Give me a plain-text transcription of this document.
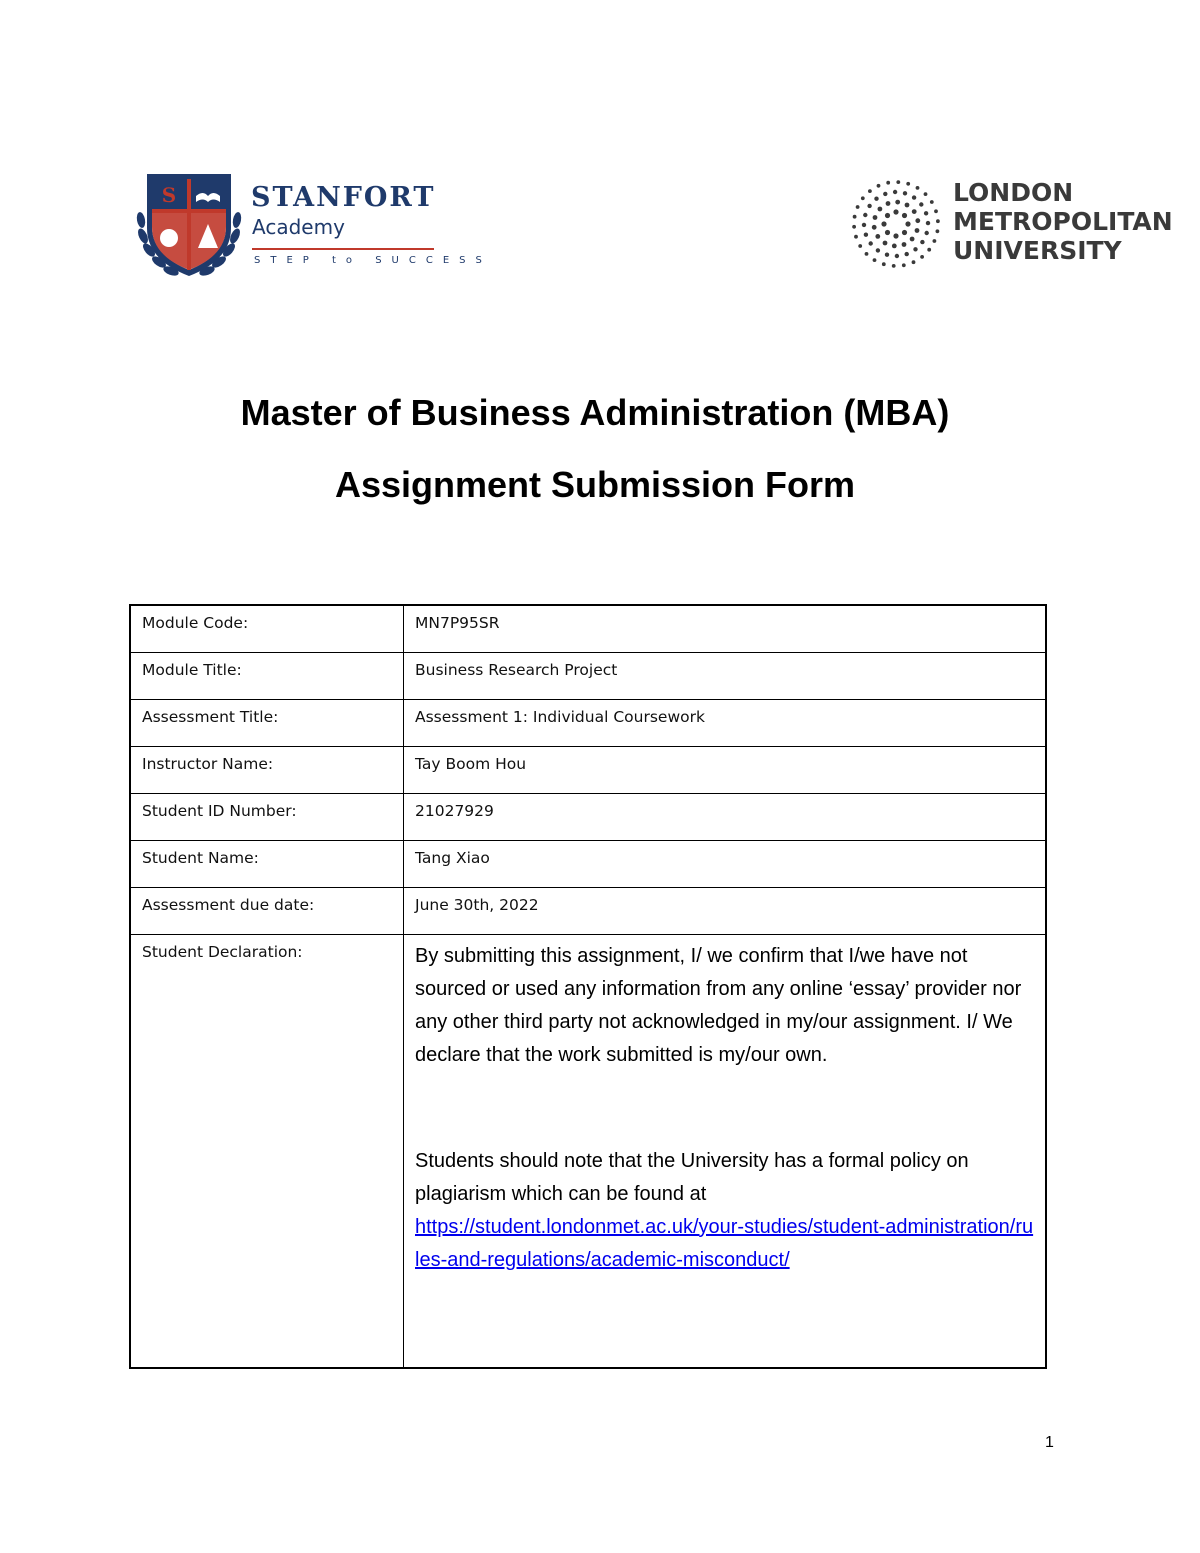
S	STANFORT
Academy
STEP to SUCCESS
LONDON
METROPOLITAN
UNIVERSITY
Master of Business Administration (MBA)
Assignment Submission Form
Module Code:	MN7P95SR
Module Title:	Business Research Project
Assessment Title:	Assessment 1: Individual Coursework
Instructor Name:	Tay Boom Hou
Student ID Number:	21027929
Student Name:	Tang Xiao
Assessment due date:	June 30th, 2022
Student Declaration:	By submitting this assignment, I/ we confirm that I/we have not sourced or used any information from any online ‘essay’ provider nor any other third party not acknowledged in my/our assignment. I/ We declare that the work submitted is my/our own.
Students should note that the University has a formal policy on plagiarism which can be found at
https://student.londonmet.ac.uk/your-studies/student-administration/rules-and-regulations/academic-misconduct/
1
